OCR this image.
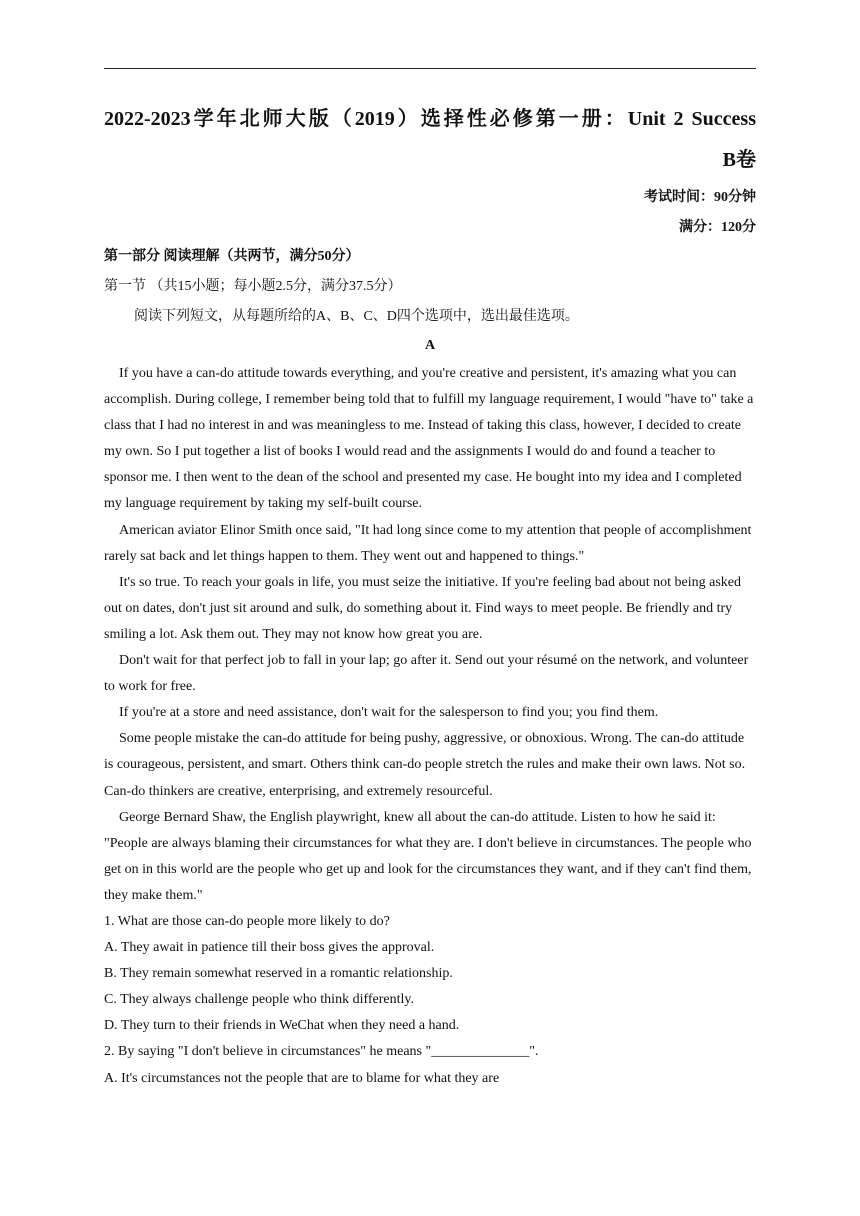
2022-2023学年北师大版（2019）选择性必修第一册：Unit 2 Success
B卷
考试时间：90分钟
满分：120分
第一部分 阅读理解（共两节，满分50分）
第一节 （共15小题；每小题2.5分，满分37.5分）
阅读下列短文，从每题所给的A、B、C、D四个选项中，选出最佳选项。
A

If you have a can-do attitude towards everything, and you're creative and persistent, it's amazing what you can accomplish. During college, I remember being told that to fulfill my language requirement, I would "have to" take a class that I had no interest in and was meaningless to me. Instead of taking this class, however, I decided to create my own. So I put together a list of books I would read and the assignments I would do and found a teacher to sponsor me. I then went to the dean of the school and presented my case. He bought into my idea and I completed my language requirement by taking my self-built course.

American aviator Elinor Smith once said, "It had long since come to my attention that people of accomplishment rarely sat back and let things happen to them. They went out and happened to things."

It's so true. To reach your goals in life, you must seize the initiative. If you're feeling bad about not being asked out on dates, don't just sit around and sulk, do something about it. Find ways to meet people. Be friendly and try smiling a lot. Ask them out. They may not know how great you are.

Don't wait for that perfect job to fall in your lap; go after it. Send out your résumé on the network, and volunteer to work for free.

If you're at a store and need assistance, don't wait for the salesperson to find you; you find them.

Some people mistake the can-do attitude for being pushy, aggressive, or obnoxious. Wrong. The can-do attitude is courageous, persistent, and smart. Others think can-do people stretch the rules and make their own laws. Not so. Can-do thinkers are creative, enterprising, and extremely resourceful.

George Bernard Shaw, the English playwright, knew all about the can-do attitude. Listen to how he said it: "People are always blaming their circumstances for what they are. I don't believe in circumstances. The people who get on in this world are the people who get up and look for the circumstances they want, and if they can't find them, they make them."

1. What are those can-do people more likely to do?

A. They await in patience till their boss gives the approval.

B. They remain somewhat reserved in a romantic relationship.

C. They always challenge people who think differently.

D. They turn to their friends in WeChat when they need a hand.

2. By saying "I don't believe in circumstances" he means "______________".

A. It's circumstances not the people that are to blame for what they are
